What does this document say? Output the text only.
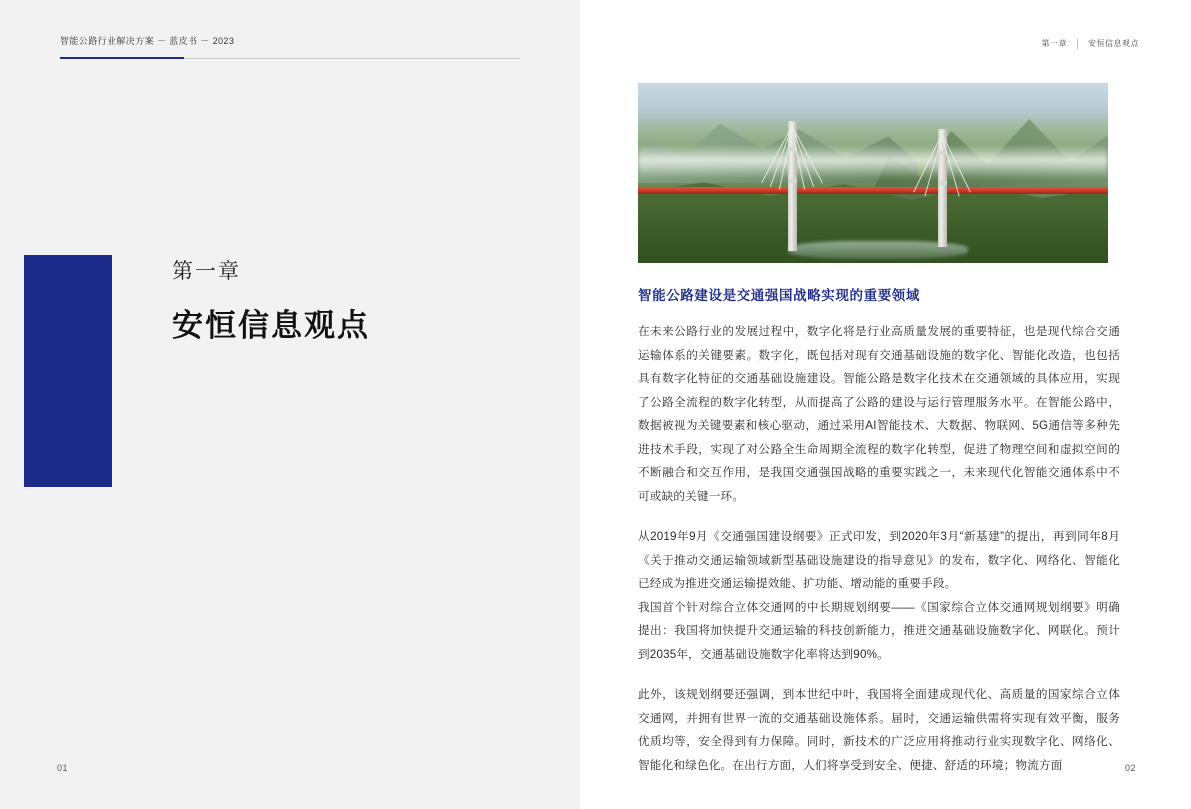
智能公路行业解决方案 － 蓝皮书 － 2023
第一章
安恒信息观点
01
第一章	安恒信息观点
智能公路建设是交通强国战略实现的重要领域

在未来公路行业的发展过程中，数字化将是行业高质量发展的重要特征，也是现代综合交通运输体系的关键要素。数字化，既包括对现有交通基础设施的数字化、智能化改造，也包括具有数字化特征的交通基础设施建设。智能公路是数字化技术在交通领域的具体应用，实现了公路全流程的数字化转型，从而提高了公路的建设与运行管理服务水平。在智能公路中，数据被视为关键要素和核心驱动，通过采用AI智能技术、大数据、物联网、5G通信等多种先进技术手段，实现了对公路全生命周期全流程的数字化转型，促进了物理空间和虚拟空间的不断融合和交互作用，是我国交通强国战略的重要实践之一，未来现代化智能交通体系中不可或缺的关键一环。

从2019年9月《交通强国建设纲要》正式印发，到2020年3月“新基建”的提出，再到同年8月《关于推动交通运输领域新型基础设施建设的指导意见》的发布，数字化、网络化、智能化已经成为推进交通运输提效能、扩功能、增动能的重要手段。

我国首个针对综合立体交通网的中长期规划纲要——《国家综合立体交通网规划纲要》明确提出：我国将加快提升交通运输的科技创新能力，推进交通基础设施数字化、网联化。预计到2035年，交通基础设施数字化率将达到90%。

此外，该规划纲要还强调，到本世纪中叶，我国将全面建成现代化、高质量的国家综合立体交通网，并拥有世界一流的交通基础设施体系。届时，交通运输供需将实现有效平衡，服务优质均等，安全得到有力保障。同时，新技术的广泛应用将推动行业实现数字化、网络化、智能化和绿色化。在出行方面，人们将享受到安全、便捷、舒适的环境；物流方面	02
